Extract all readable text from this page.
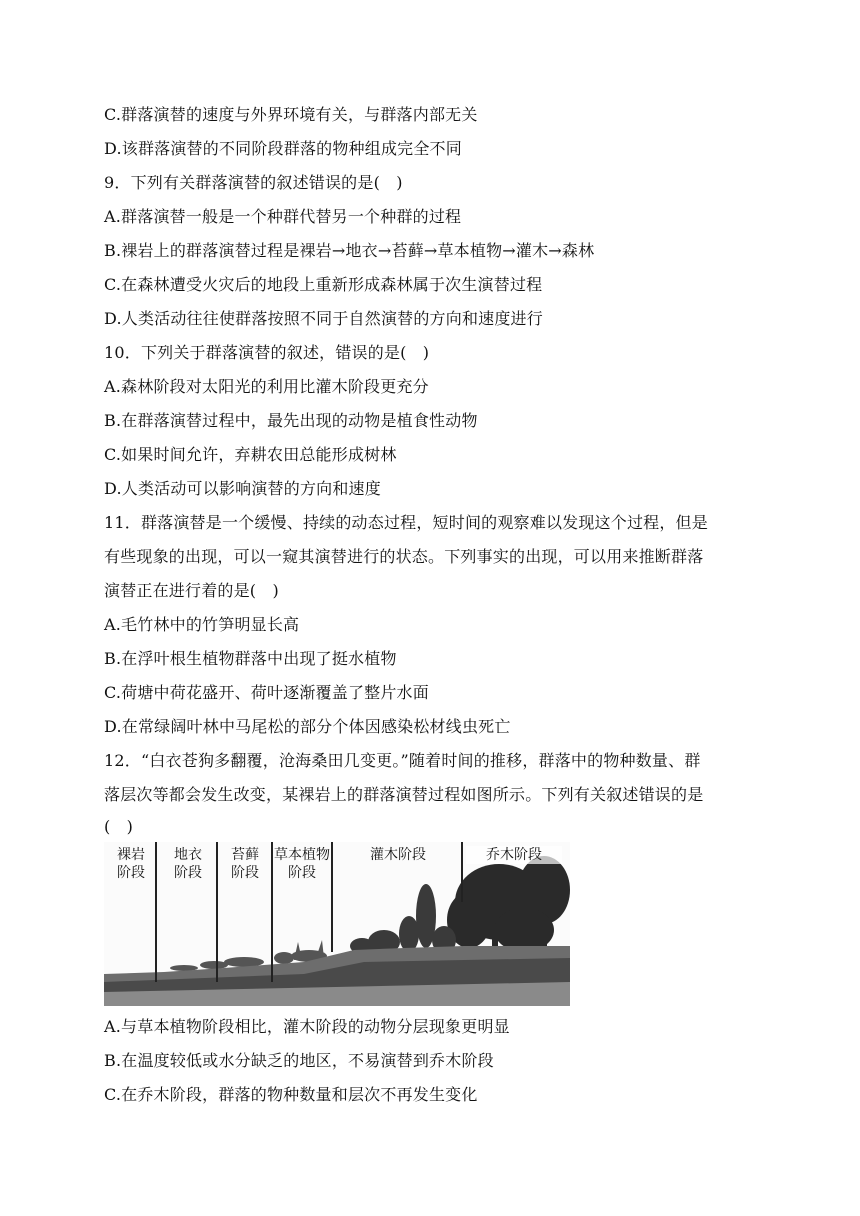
C.群落演替的速度与外界环境有关，与群落内部无关
D.该群落演替的不同阶段群落的物种组成完全不同
9．下列有关群落演替的叙述错误的是( )
A.群落演替一般是一个种群代替另一个种群的过程
B.裸岩上的群落演替过程是裸岩→地衣→苔藓→草本植物→灌木→森林
C.在森林遭受火灾后的地段上重新形成森林属于次生演替过程
D.人类活动往往使群落按照不同于自然演替的方向和速度进行
10．下列关于群落演替的叙述，错误的是( )
A.森林阶段对太阳光的利用比灌木阶段更充分
B.在群落演替过程中，最先出现的动物是植食性动物
C.如果时间允许，弃耕农田总能形成树林
D.人类活动可以影响演替的方向和速度
11．群落演替是一个缓慢、持续的动态过程，短时间的观察难以发现这个过程，但是
有些现象的出现，可以一窥其演替进行的状态。下列事实的出现，可以用来推断群落
演替正在进行着的是( )
A.毛竹林中的竹笋明显长高
B.在浮叶根生植物群落中出现了挺水植物
C.荷塘中荷花盛开、荷叶逐渐覆盖了整片水面
D.在常绿阔叶林中马尾松的部分个体因感染松材线虫死亡
12．“白衣苍狗多翻覆，沧海桑田几变更。”随着时间的推移，群落中的物种数量、群
落层次等都会发生改变，某裸岩上的群落演替过程如图所示。下列有关叙述错误的是
( )
裸岩
阶段
地衣
阶段
苔藓
阶段
草本植物
阶段
灌木阶段	乔木阶段
A.与草本植物阶段相比，灌木阶段的动物分层现象更明显
B.在温度较低或水分缺乏的地区，不易演替到乔木阶段
C.在乔木阶段，群落的物种数量和层次不再发生变化
